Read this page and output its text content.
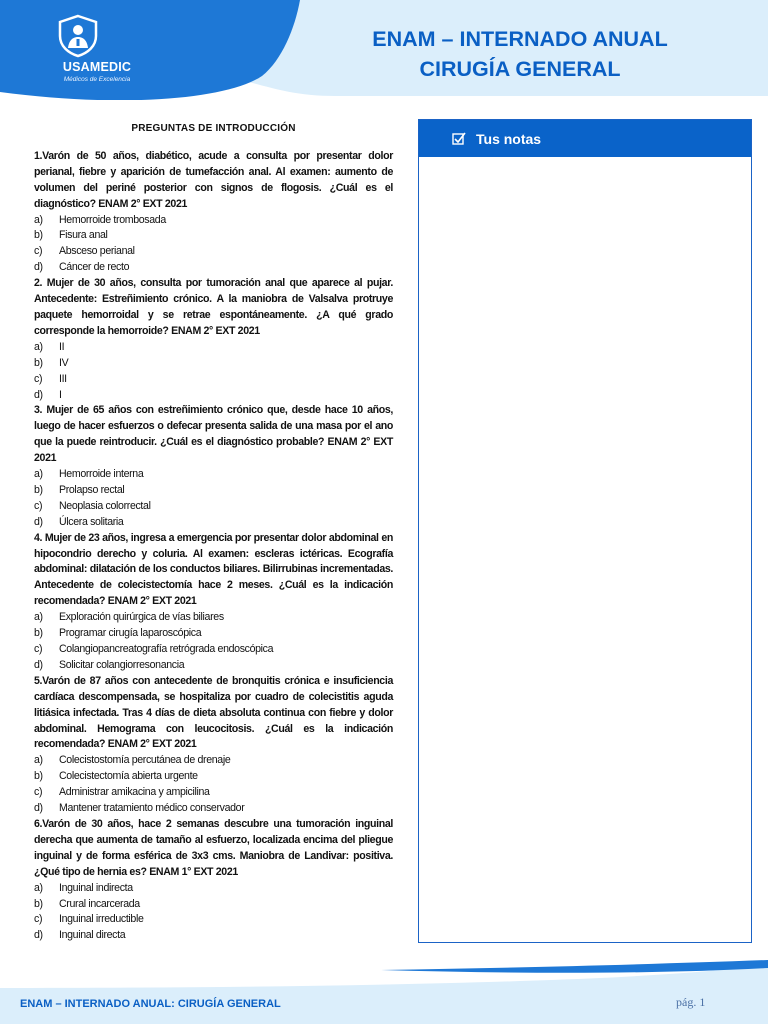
USAMEDIC
Médicos de Excelencia
ENAM – INTERNADO ANUAL
CIRUGÍA GENERAL
PREGUNTAS DE INTRODUCCIÓN

1.Varón de 50 años, diabético, acude a consulta por presentar dolor perianal, fiebre y aparición de tumefacción anal. Al examen: aumento de volumen del periné posterior con signos de flogosis. ¿Cuál es el diagnóstico? ENAM 2° EXT 2021

a)	Hemorroide trombosada
b)	Fisura anal
c)	Absceso perianal
d)	Cáncer de recto

2. Mujer de 30 años, consulta por tumoración anal que aparece al pujar. Antecedente: Estreñimiento crónico. A la maniobra de Valsalva protruye paquete hemorroidal y se retrae espontáneamente. ¿A qué grado corresponde la hemorroide? ENAM 2° EXT 2021

a)	II
b)	IV
c)	III
d)	I

3. Mujer de 65 años con estreñimiento crónico que, desde hace 10 años, luego de hacer esfuerzos o defecar presenta salida de una masa por el ano que la puede reintroducir. ¿Cuál es el diagnóstico probable? ENAM 2° EXT 2021

a)	Hemorroide interna
b)	Prolapso rectal
c)	Neoplasia colorrectal
d)	Úlcera solitaria

4. Mujer de 23 años, ingresa a emergencia por presentar dolor abdominal en hipocondrio derecho y coluria. Al examen: escleras ictéricas. Ecografía abdominal: dilatación de los conductos biliares. Bilirrubinas incrementadas. Antecedente de colecistectomía hace 2 meses. ¿Cuál es la indicación recomendada? ENAM 2° EXT 2021

a)	Exploración quirúrgica de vías biliares
b)	Programar cirugía laparoscópica
c)	Colangiopancreatografía retrógrada endoscópica
d)	Solicitar colangiorresonancia

5.Varón de 87 años con antecedente de bronquitis crónica e insuficiencia cardíaca descompensada, se hospitaliza por cuadro de colecistitis aguda litiásica infectada. Tras 4 días de dieta absoluta continua con fiebre y dolor abdominal. Hemograma con leucocitosis. ¿Cuál es la indicación recomendada? ENAM 2° EXT 2021

a)	Colecistostomía percutánea de drenaje
b)	Colecistectomía abierta urgente
c)	Administrar amikacina y ampicilina
d)	Mantener tratamiento médico conservador

6.Varón de 30 años, hace 2 semanas descubre una tumoración inguinal derecha que aumenta de tamaño al esfuerzo, localizada encima del pliegue inguinal y de forma esférica de 3x3 cms. Maniobra de Landivar: positiva. ¿Qué tipo de hernia es? ENAM 1° EXT 2021

a)	Inguinal indirecta
b)	Crural incarcerada
c)	Inguinal irreductible
d)	Inguinal directa
Tus notas
ENAM – INTERNADO ANUAL: CIRUGÍA GENERAL	pág. 1
